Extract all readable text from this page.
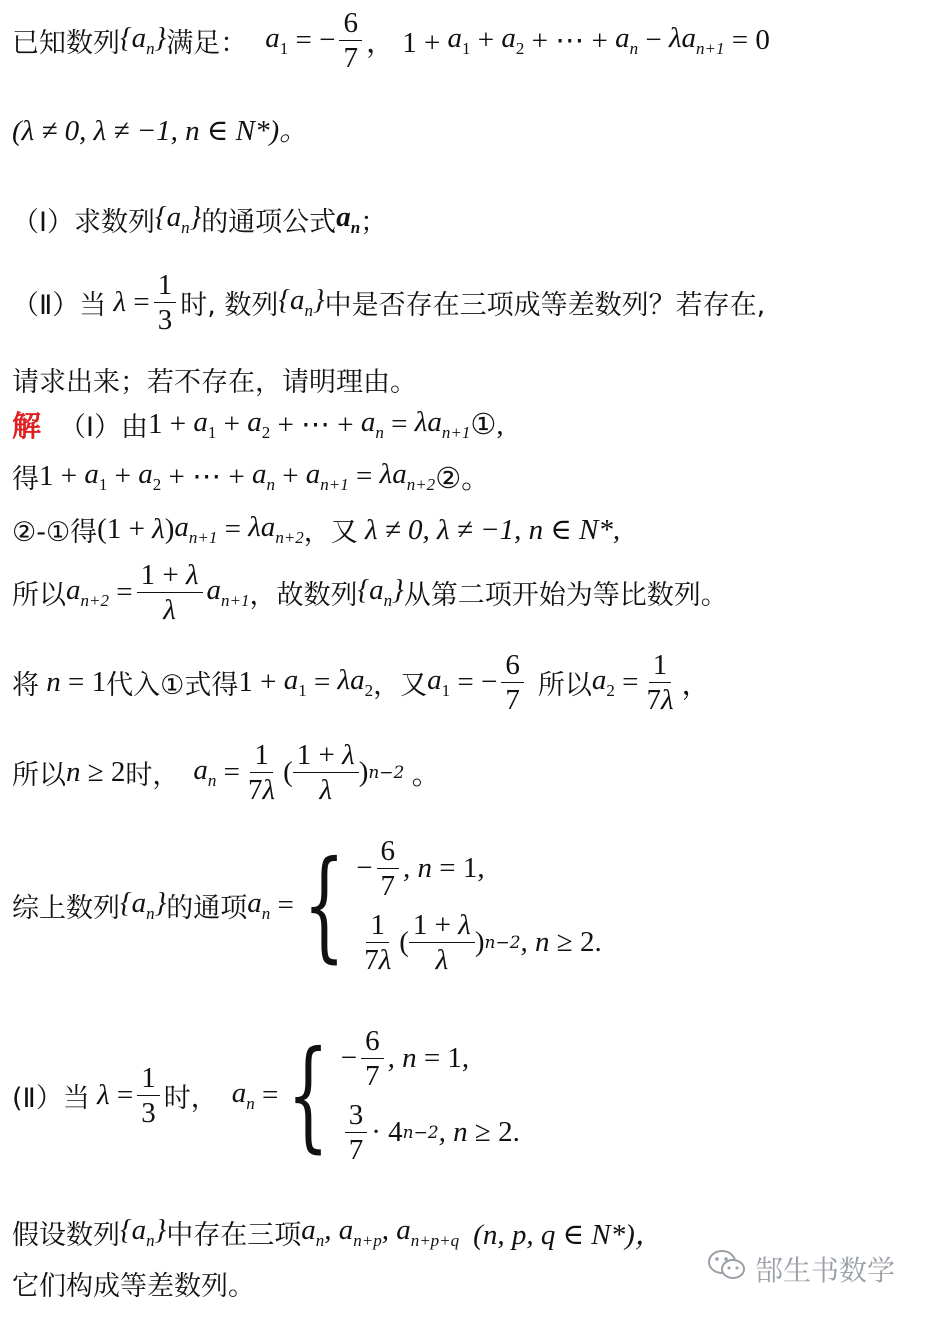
已知数列 $\{a_n\}$ 满足： $a_1$ = − $\frac{6}{7}$ ， $1 + a_1 + a_2$ + ⋯ + $a_n - \lambda a_{n+1} = 0$
(λ ≠ 0, λ ≠ −1, n ∈ N*)。
（Ⅰ）求数列 $\{a_n\}$ 的通项公式 $a_n$ ；
（Ⅱ）当 $\lambda = \frac{1}{3}$ 时, 数列 $\{a_n\}$ 中是否存在三项成等差数列？若存在,
请求出来；若不存在，请明理由。
解 （Ⅰ）由 $1 + a_1 + a_2$ + ⋯ + $a_n = \lambda a_{n+1}$ ①,
得 $1 + a_1 + a_2$ + ⋯ + $a_n + a_{n+1} = \lambda a_{n+2}$ ②。
②-①得 (1 + λ ) $a_{n+1} = \lambda a_{n+2}$ ，又 λ ≠ 0, λ ≠ −1, n ∈ N*,
所以 $a_{n+2} = \frac{1 + \lambda}{\lambda} a_{n+1}$ ，故数列 $\{a_n\}$ 从第二项开始为等比数列。
将 n = 1 代入①式得 $1 + a_1 = \lambda a_2$ ，又 $a_1$ = − $\frac{6}{7}$ 所以 $a_2 = \frac{1}{7\lambda}$ ，
所以 n ≥ 2 时， $a_n = \frac{1}{7\lambda}$ ( $\frac{1 + \lambda}{\lambda}$ ) n−2 。
综上数列 $\{a_n\}$ 的通项 $a_n$ = { − $\frac{6}{7}$ , n = 1,
$\frac{1}{7\lambda}$ ( $\frac{1 + \lambda}{\lambda}$ ) n−2 , n ≥ 2.
(Ⅱ）当 $\lambda = \frac{1}{3}$ 时， $a_n$ = { − $\frac{6}{7}$ , n = 1,
$\frac{3}{7} \cdot 4$ n−2 , n ≥ 2.
假设数列 $\{a_n\}$ 中存在三项 $a_n$, $a_{n+p}$, $a_{n+p+q}$ (n, p, q ∈ N*)，
它们构成等差数列。	郜生书数学
